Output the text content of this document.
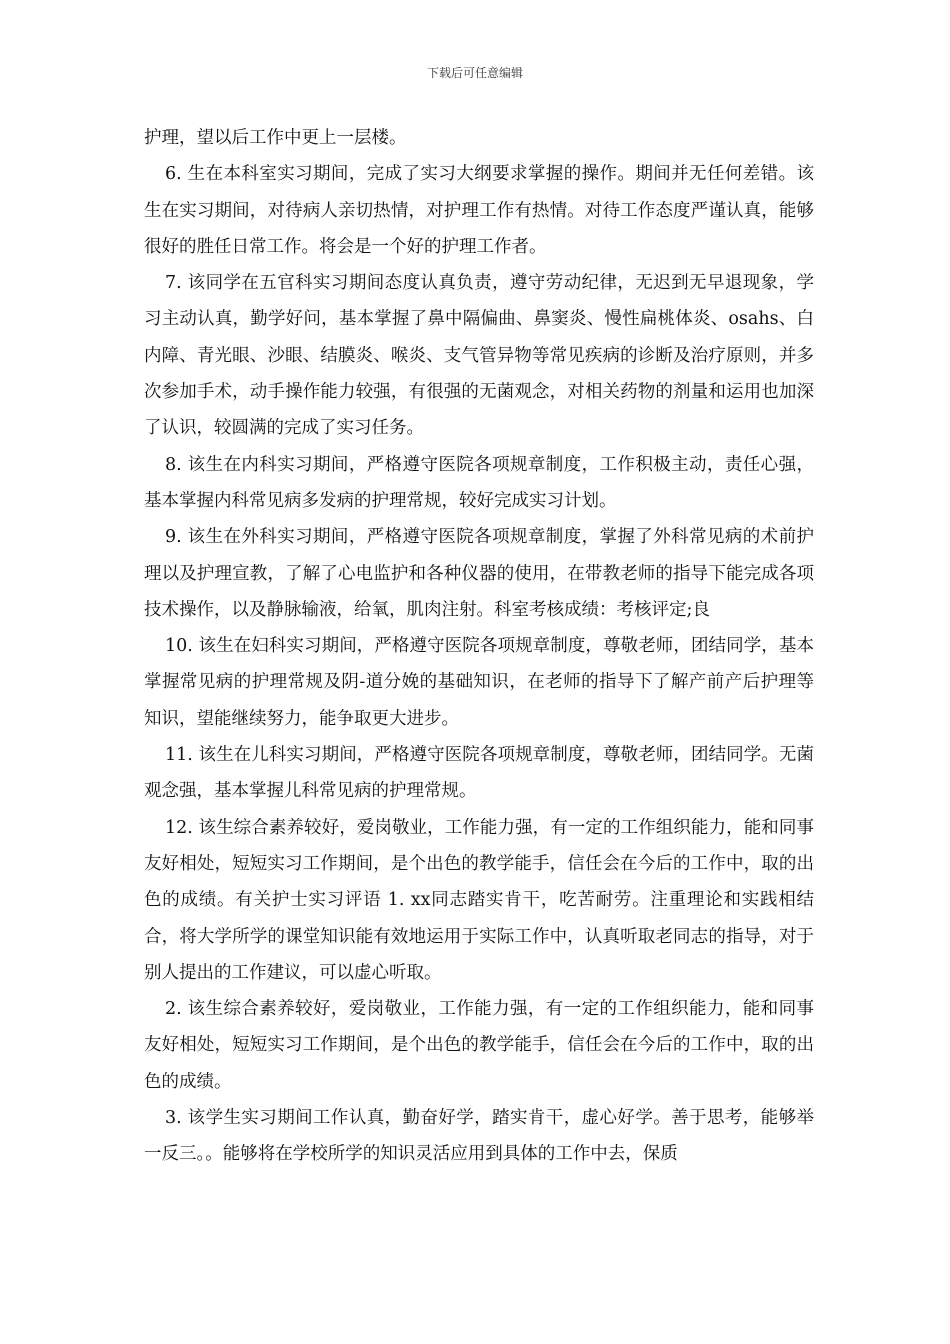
下载后可任意编辑

护理，望以后工作中更上一层楼。

6. 生在本科室实习期间，完成了实习大纲要求掌握的操作。期间并无任何差错。该生在实习期间，对待病人亲切热情，对护理工作有热情。对待工作态度严谨认真，能够很好的胜任日常工作。将会是一个好的护理工作者。

7. 该同学在五官科实习期间态度认真负责，遵守劳动纪律，无迟到无早退现象，学习主动认真，勤学好问，基本掌握了鼻中隔偏曲、鼻窦炎、慢性扁桃体炎、osahs、白内障、青光眼、沙眼、结膜炎、喉炎、支气管异物等常见疾病的诊断及治疗原则，并多次参加手术，动手操作能力较强，有很强的无菌观念，对相关药物的剂量和运用也加深了认识，较圆满的完成了实习任务。

8. 该生在内科实习期间，严格遵守医院各项规章制度，工作积极主动，责任心强，基本掌握内科常见病多发病的护理常规，较好完成实习计划。

9. 该生在外科实习期间，严格遵守医院各项规章制度，掌握了外科常见病的术前护理以及护理宣教，了解了心电监护和各种仪器的使用，在带教老师的指导下能完成各项技术操作，以及静脉输液，给氧，肌肉注射。科室考核成绩：考核评定;良

10. 该生在妇科实习期间，严格遵守医院各项规章制度，尊敬老师，团结同学，基本掌握常见病的护理常规及阴-道分娩的基础知识，在老师的指导下了解产前产后护理等知识，望能继续努力，能争取更大进步。

11. 该生在儿科实习期间，严格遵守医院各项规章制度，尊敬老师，团结同学。无菌观念强，基本掌握儿科常见病的护理常规。

12. 该生综合素养较好，爱岗敬业，工作能力强，有一定的工作组织能力，能和同事友好相处，短短实习工作期间，是个出色的教学能手，信任会在今后的工作中，取的出色的成绩。有关护士实习评语 1. xx同志踏实肯干，吃苦耐劳。注重理论和实践相结合，将大学所学的课堂知识能有效地运用于实际工作中，认真听取老同志的指导，对于别人提出的工作建议，可以虚心听取。

2. 该生综合素养较好，爱岗敬业，工作能力强，有一定的工作组织能力，能和同事友好相处，短短实习工作期间，是个出色的教学能手，信任会在今后的工作中，取的出色的成绩。

3. 该学生实习期间工作认真，勤奋好学，踏实肯干，虚心好学。善于思考，能够举一反三。。能够将在学校所学的知识灵活应用到具体的工作中去，保质
